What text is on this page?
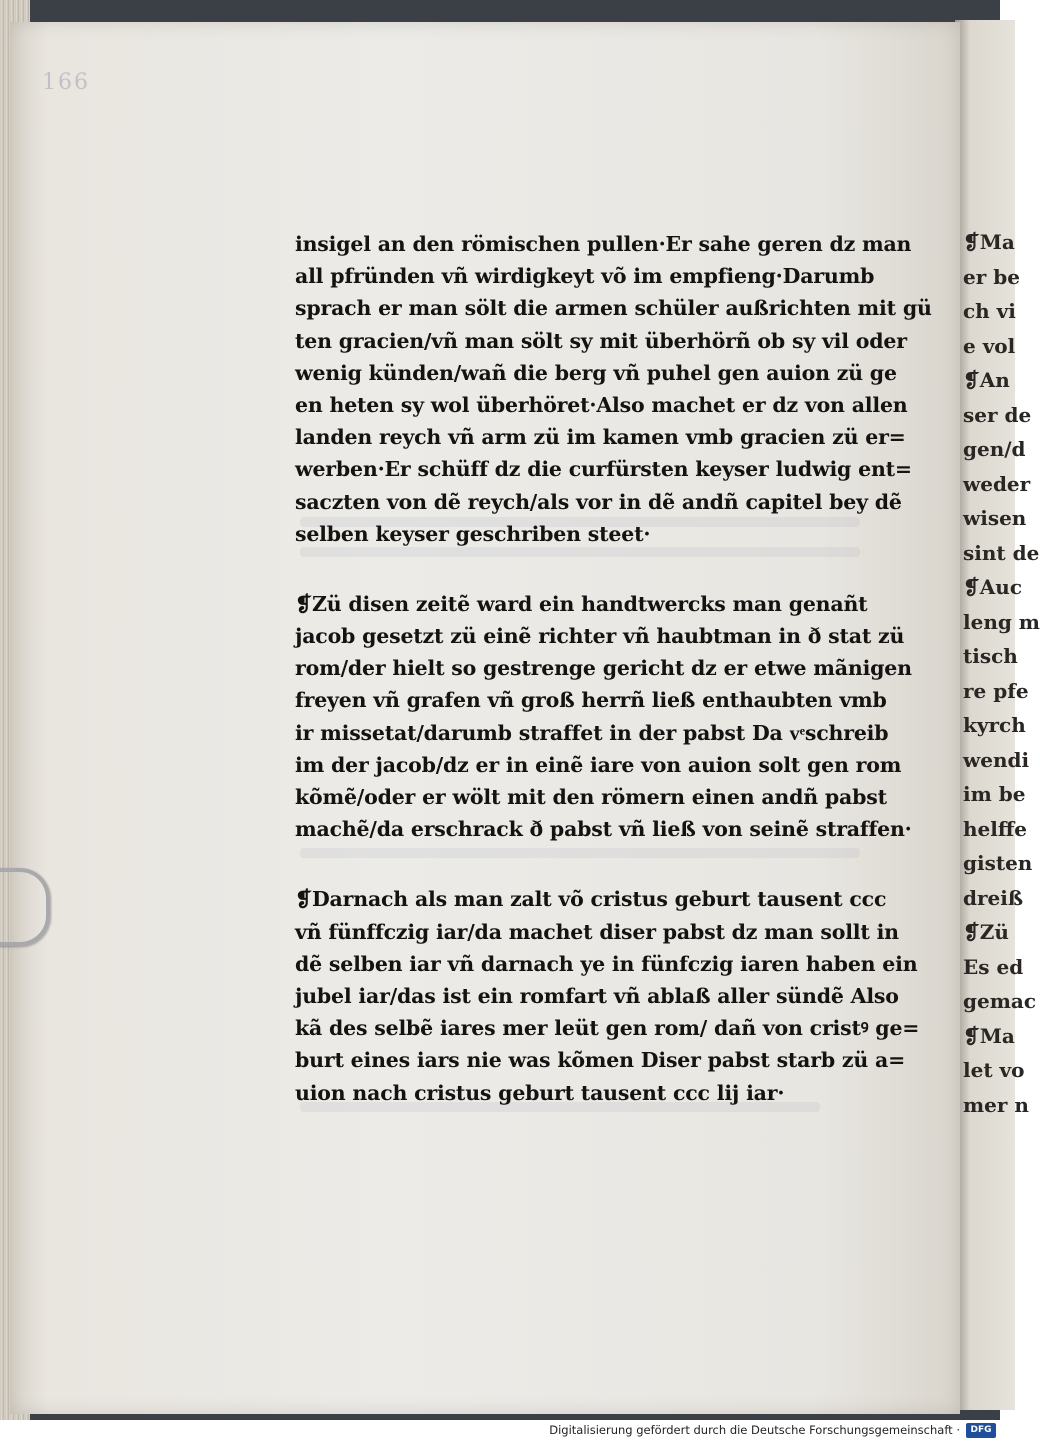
❡Ma
er be
ch vi
e vol
❡An
ser de
gen/d
weder
wisen
sint de
❡Auc
leng m
tisch
re pfe
kyrch
wendi
im be
helffe
gisten
dreiß
❡Zü
Es ed
gemac
❡Ma
let vo
mer n
166
insigel an den römischen pullen·Er sahe geren dz man
all pfründen vñ wirdigkeyt võ im empfieng·Darumb
sprach er man sölt die armen schüler außrichten mit gü
ten gracien/vñ man sölt sy mit überhörñ ob sy vil oder
wenig künden/wañ die berg vñ puhel gen auion zü ge
en heten sy wol überhöret·Also machet er dz von allen
landen reych vñ arm zü im kamen vmb gracien zü er=
werben·Er schüff dz die curfürsten keyser ludwig ent=
saczten von dẽ reych/als vor in dẽ andñ capitel bey dẽ
selben keyser geschriben steet·
❡Zü disen zeitẽ ward ein handtwercks man genañt
jacob gesetzt zü einẽ richter vñ haubtman in ð stat zü
rom/der hielt so gestrenge gericht dz er etwe mãnigen
freyen vñ grafen vñ groß herrñ ließ enthaubten vmb
ir missetat/darumb straffet in der pabst Da vͤschreib
im der jacob/dz er in einẽ iare von auion solt gen rom
kõmẽ/oder er wölt mit den römern einen andñ pabst
machẽ/da erschrack ð pabst vñ ließ von seinẽ straffen·
❡Darnach als man zalt võ cristus geburt tausent ccc
vñ fünffczig iar/da machet diser pabst dz man sollt in
dẽ selben iar vñ darnach ye in fünfczig iaren haben ein
jubel iar/das ist ein romfart vñ ablaß aller sündẽ Also
kã des selbẽ iares mer leüt gen rom/ dañ von cristꝰ ge=
burt eines iars nie was kõmen Diser pabst starb zü a=
uion nach cristus geburt tausent ccc lij iar·
Digitalisierung gefördert durch die Deutsche Forschungsgemeinschaft ·	DFG
